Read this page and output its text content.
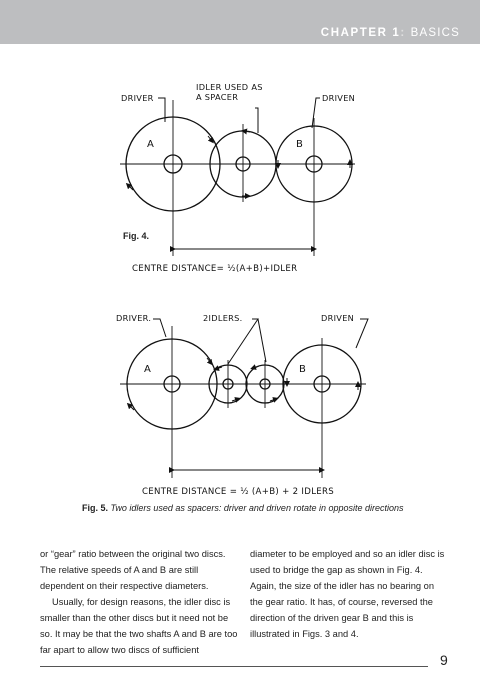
CHAPTER 1: BASICS
DRIVER
IDLER USED AS
A SPACER	DRIVEN
A	B
CENTRE DISTANCE= ½(A+B)+IDLER
DRIVER.	2IDLERS.	DRIVEN
A	B
CENTRE DISTANCE = ½ (A+B) + 2 IDLERS
Fig. 4.
Fig. 5. Two idlers used as spacers: driver and driven rotate in opposite directions

or “gear” ratio between the original two discs. The relative speeds of A and B are still dependent on their respective diameters.

Usually, for design reasons, the idler disc is smaller than the other discs but it need not be so. It may be that the two shafts A and B are too far apart to allow two discs of sufficient

diameter to be employed and so an idler disc is used to bridge the gap as shown in Fig. 4. Again, the size of the idler has no bearing on the gear ratio. It has, of course, reversed the direction of the driven gear B and this is illustrated in Figs. 3 and 4.

9
